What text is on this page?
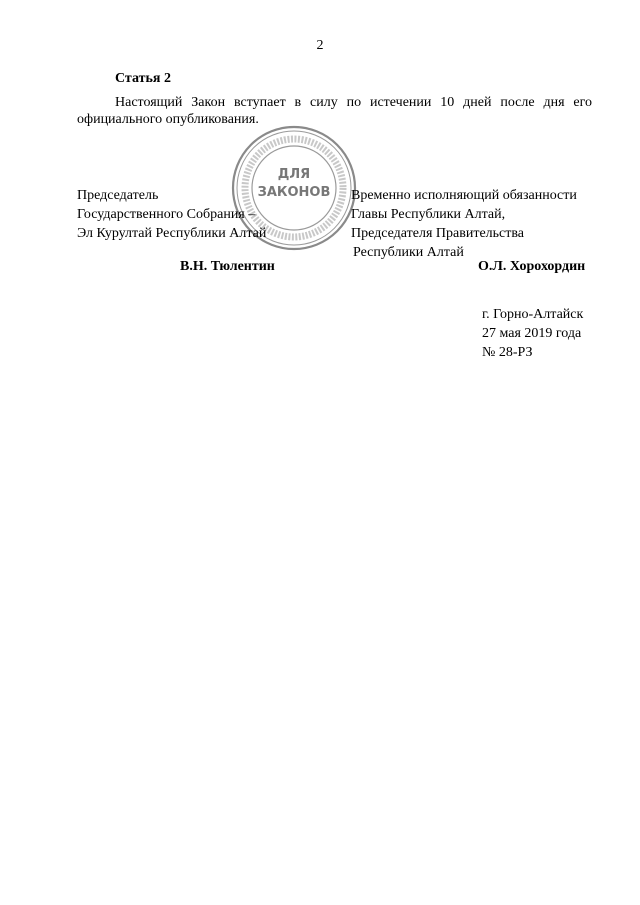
2
Статья 2

Настоящий Закон вступает в силу по истечении 10 дней после дня его

официального опубликования.

ДЛЯ
ЗАКОНОВ
Председатель
Государственного Собрания –
Эл Курултай Республики Алтай
Временно исполняющий обязанности
Главы Республики Алтай,
Председателя Правительства
Республики Алтай
В.Н. Тюлентин	О.Л. Хорохордин
г. Горно-Алтайск
27 мая 2019 года
№ 28-РЗ
